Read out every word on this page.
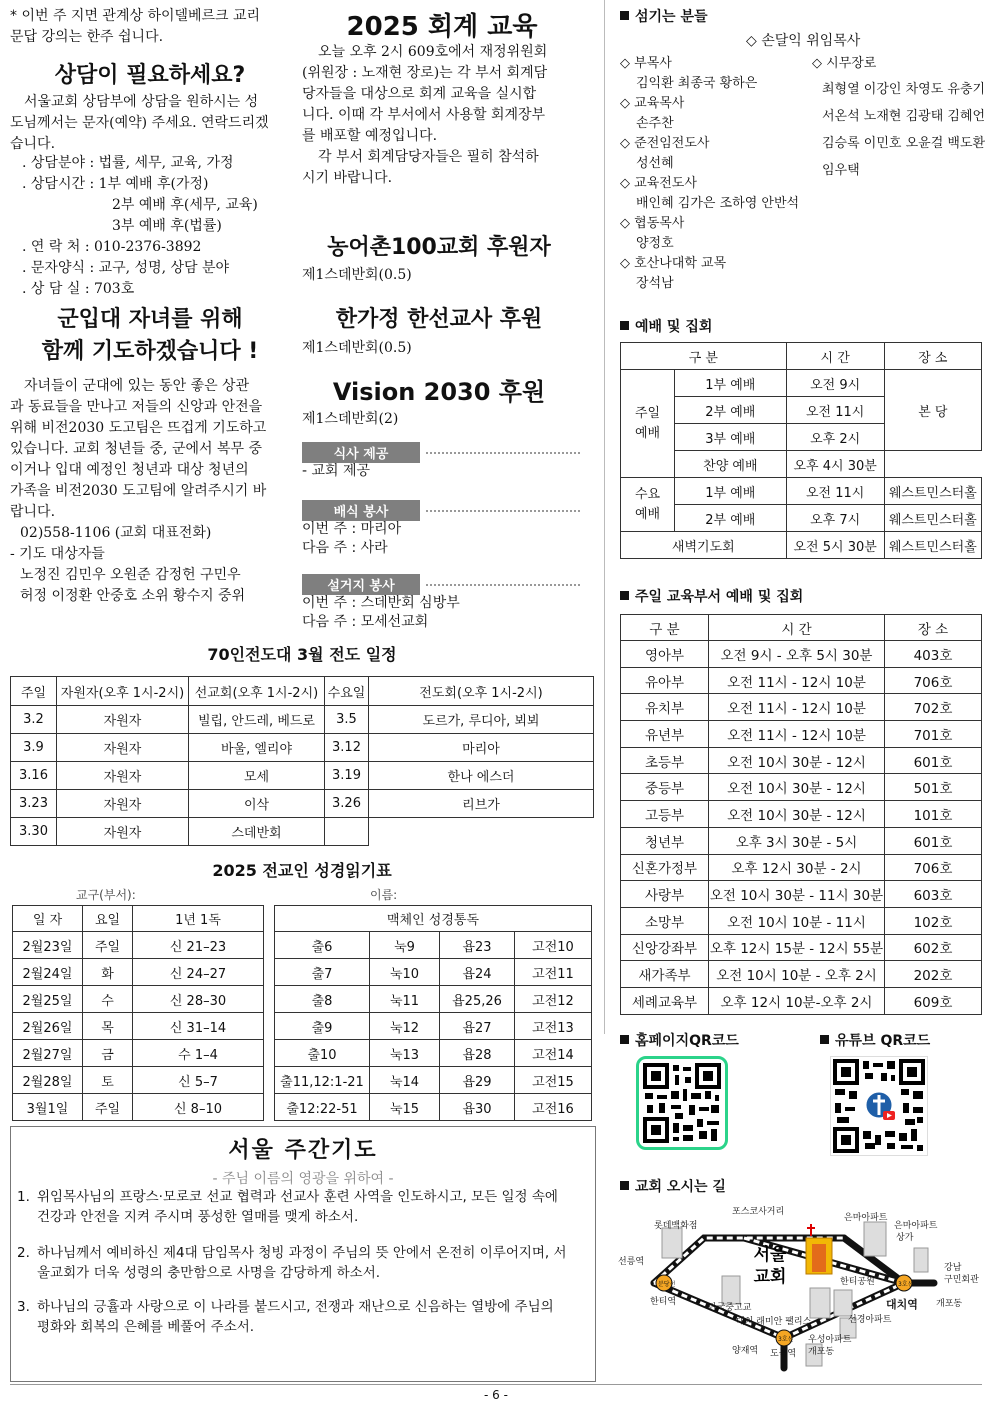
* 이번 주 지면 관계상 하이델베르크 교리
문답 강의는 한주 쉽니다.
상담이 필요하세요?
서울교회 상담부에 상담을 원하시는 성
도님께서는 문자(예약) 주세요. 연락드리겠
습니다.
. 상담분야 : 법률, 세무, 교육, 가정
. 상담시간 : 1부 예배 후(가정)
2부 예배 후(세무, 교육)
3부 예배 후(법률)
. 연 락 처 : 010-2376-3892
. 문자양식 : 교구, 성명, 상담 분야
. 상 담 실 : 703호
군입대 자녀를 위해
함께 기도하겠습니다 !
자녀들이 군대에 있는 동안 좋은 상관
과 동료들을 만나고 저들의 신앙과 안전을
위해 비전2030 도고팀은 뜨겁게 기도하고
있습니다. 교회 청년들 중, 군에서 복무 중
이거나 입대 예정인 청년과 대상 청년의
가족을 비전2030 도고팀에 알려주시기 바
랍니다.
02)558-1106 (교회 대표전화)
- 기도 대상자들
노정진 김민우 오원준 감정헌 구민우
허정 이정환 안중호 소위 황수지 중위
2025 회계 교육
오늘 오후 2시 609호에서 재정위원회
(위원장 : 노재현 장로)는 각 부서 회계담
당자들을 대상으로 회계 교육을 실시합
니다. 이때 각 부서에서 사용할 회계장부
를 배포할 예정입니다.
각 부서 회계담당자들은 필히 참석하
시기 바랍니다.
농어촌100교회 후원자
제1스데반회(0.5)
한가정 한선교사 후원
제1스데반회(0.5)
Vision 2030 후원
제1스데반회(2)
식사 제공
- 교회 제공
배식 봉사
이번 주 : 마리아
다음 주 : 사라
설거지 봉사
이번 주 : 스데반회 심방부
다음 주 : 모세선교회
70인전도대 3월 전도 일정
주일	자원자(오후 1시-2시)	선교회(오후 1시-2시)	수요일	전도회(오후 1시-2시)
3.2	자원자	빌립, 안드레, 베드로	3.5	도르가, 루디아, 뵈뵈
3.9	자원자	바울, 엘리야	3.12	마리아
3.16	자원자	모세	3.19	한나 에스더
3.23	자원자	이삭	3.26	리브가
3.30	자원자	스데반회		
2025 전교인 성경읽기표
교구(부서):	이름:
일 자	요일	1년 1독
2월23일	주일	신 21–23
2월24일	화	신 24–27
2월25일	수	신 28–30
2월26일	목	신 31–14
2월27일	금	수 1–4
2월28일	토	신 5–7
3월1일	주일	신 8–10
맥체인 성경통독			
출6	눅9	욥23	고전10
출7	눅10	욥24	고전11
출8	눅11	욥25,26	고전12
출9	눅12	욥27	고전13
출10	눅13	욥28	고전14
출11,12:1-21	눅14	욥29	고전15
출12:22-51	눅15	욥30	고전16
서울 주간기도
- 주님 이름의 영광을 위하여 -
1. 위임목사님의 프랑스·모로코 선교 협력과 선교사 훈련 사역을 인도하시고, 모든 일정 속에
건강과 안전을 지켜 주시며 풍성한 열매를 맺게 하소서.
2. 하나님께서 예비하신 제4대 담임목사 청빙 과정이 주님의 뜻 안에서 온전히 이루어지며, 서
울교회가 더욱 성령의 충만함으로 사명을 감당하게 하소서.
3. 하나님의 긍휼과 사랑으로 이 나라를 붙드시고, 전쟁과 재난으로 신음하는 열방에 주님의
평화와 회복의 은혜를 베풀어 주소서.
섬기는 분들
◇ 손달익 위임목사
◇ 부목사
김익환 최종국 황하은
◇ 교육목사
손주찬
◇ 준전임전도사
성선혜
◇ 교육전도사
배인혜 김가은 조하영 안반석
◇ 협동목사
양정호
◇ 호산나대학 교목
장석남
◇ 시무장로
최형열 이강인 차영도 유충기
서온석 노재현 김광태 김혜언
김승록 이민호 오윤걸 백도환
임우택
예배 및 집회
구 분		시 간	장 소

주일
예배	1부 예배	오전 9시	본 당
	2부 예배	오전 11시	
	3부 예배	오후 2시	
	찬양 예배	오후 4시 30분	

수요
예배	1부 예배	오전 11시	웨스트민스터홀
	2부 예배	오후 7시	웨스트민스터홀
새벽기도회		오전 5시 30분	웨스트민스터홀
주일 교육부서 예배 및 집회
구 분	시 간	장 소
영아부	오전 9시 - 오후 5시 30분	403호
유아부	오전 11시 - 12시 10분	706호
유치부	오전 11시 - 12시 10분	702호
유년부	오전 11시 - 12시 10분	701호
초등부	오전 10시 30분 - 12시	601호
중등부	오전 10시 30분 - 12시	501호
고등부	오전 10시 30분 - 12시	101호
청년부	오후 3시 30분 - 5시	601호
신혼가정부	오후 12시 30분 - 2시	706호
사랑부	오전 10시 30분 - 11시 30분	603호
소망부	오전 10시 10분 - 11시	102호
신앙강좌부	오후 12시 15분 - 12시 55분	602호
새가족부	오전 10시 10분 - 오후 2시	202호
세례교육부	오후 12시 10분-오후 2시	609호
홈페이지QR코드	유튜브 QR코드
교회 오시는 길
서울
교회
포스코사거리
롯데백화점
은마아파트
은마아파트
상가
선릉역
분당선
단국중고교
한티공원	3호선
강남
구민회관
한티역
대치 래미안 팰리스
대치역 개포동
선경아파트
3호선 우성아파트
개포동
양재역 도곡역
- 6 -
